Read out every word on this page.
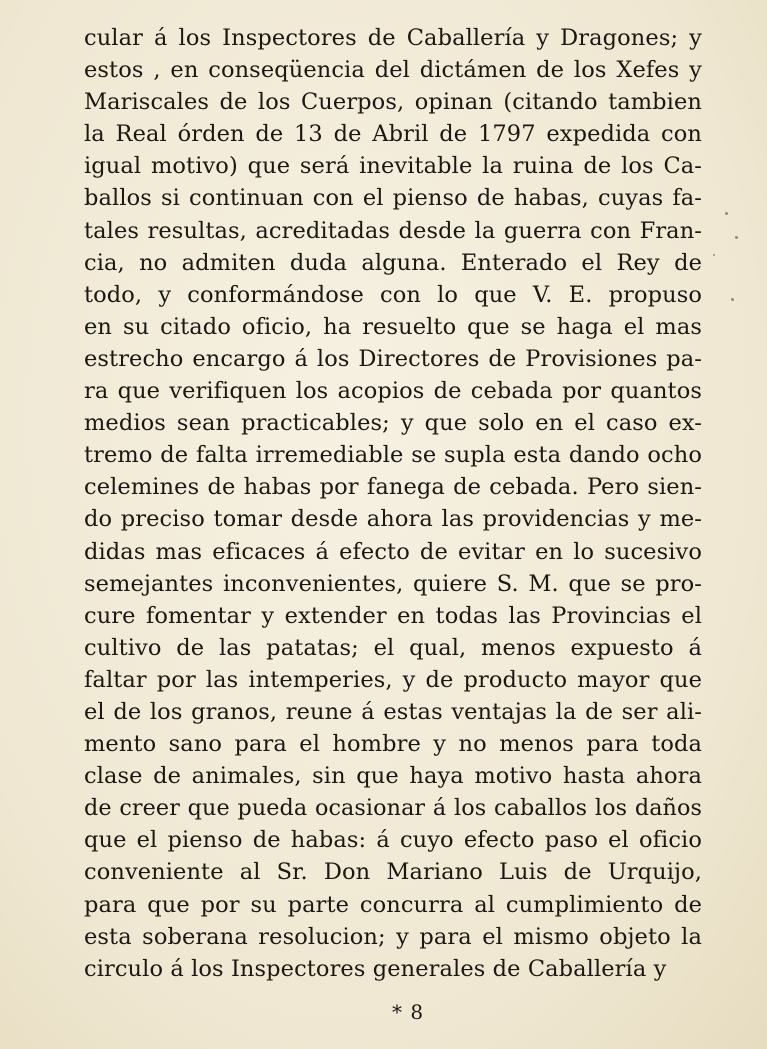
cular á los Inspectores de Caballería y Dragones; y
estos , en conseqüencia del dictámen de los Xefes y
Mariscales de los Cuerpos, opinan (citando tambien
la Real órden de 13 de Abril de 1797 expedida con
igual motivo) que será inevitable la ruina de los Ca-
ballos si continuan con el pienso de habas, cuyas fa-
tales resultas, acreditadas desde la guerra con Fran-
cia, no admiten duda alguna. Enterado el Rey de
todo, y conformándose con lo que V. E. propuso
en su citado oficio, ha resuelto que se haga el mas
estrecho encargo á los Directores de Provisiones pa-
ra que verifiquen los acopios de cebada por quantos
medios sean practicables; y que solo en el caso ex-
tremo de falta irremediable se supla esta dando ocho
celemines de habas por fanega de cebada. Pero sien-
do preciso tomar desde ahora las providencias y me-
didas mas eficaces á efecto de evitar en lo sucesivo
semejantes inconvenientes, quiere S. M. que se pro-
cure fomentar y extender en todas las Provincias el
cultivo de las patatas; el qual, menos expuesto á
faltar por las intemperies, y de producto mayor que
el de los granos, reune á estas ventajas la de ser ali-
mento sano para el hombre y no menos para toda
clase de animales, sin que haya motivo hasta ahora
de creer que pueda ocasionar á los caballos los daños
que el pienso de habas: á cuyo efecto paso el oficio
conveniente al Sr. Don Mariano Luis de Urquijo,
para que por su parte concurra al cumplimiento de
esta soberana resolucion; y para el mismo objeto la
circulo á los Inspectores generales de Caballería y
* 8
